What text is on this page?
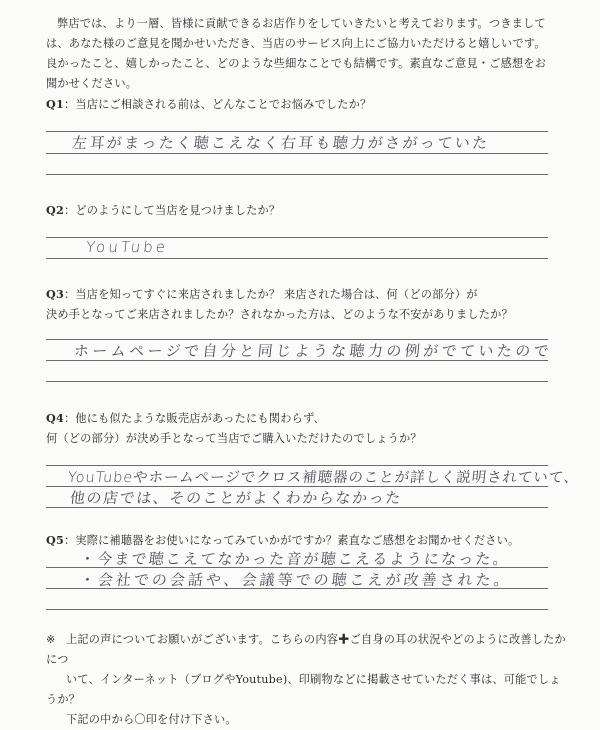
弊店では、より一層、皆様に貢献できるお店作りをしていきたいと考えております。つきましては、あなた様のご意見を聞かせいただき、当店のサービス向上にご協力いただけると嬉しいです。良かったこと、嬉しかったこと、どのような些細なことでも結構です。素直なご意見・ご感想をお聞かせください。
Q1：当店にご相談される前は、どんなことでお悩みでしたか？
左耳がまったく聴こえなく右耳も聴力がさがっていた
Q2：どのようにして当店を見つけましたか？
YouTube
Q3：当店を知ってすぐに来店されましたか？ 来店された場合は、何（どの部分）が
決め手となってご来店されましたか？されなかった方は、どのような不安がありましたか？
ホームページで自分と同じような聴力の例がでていたので
Q4：他にも似たような販売店があったにも関わらず、
何（どの部分）が決め手となって当店でご購入いただけたのでしょうか？
YouTubeやホームページでクロス補聴器のことが詳しく説明されていて、
他の店では、そのことがよくわからなかった
Q5：実際に補聴器をお使いになってみていかがですか？素直なご感想をお聞かせください。
・今まで聴こえてなかった音が聴こえるようになった。
・会社での会話や、会議等での聴こえが改善された。
※ 上記の声についてお願いがございます。こちらの内容✚ご自身の耳の状況やどのように改善したかにつ
いて、インターネット（ブログやYoutube)、印刷物などに掲載させていただく事は、可能でしょうか？
下記の中から〇印を付け下さい。
